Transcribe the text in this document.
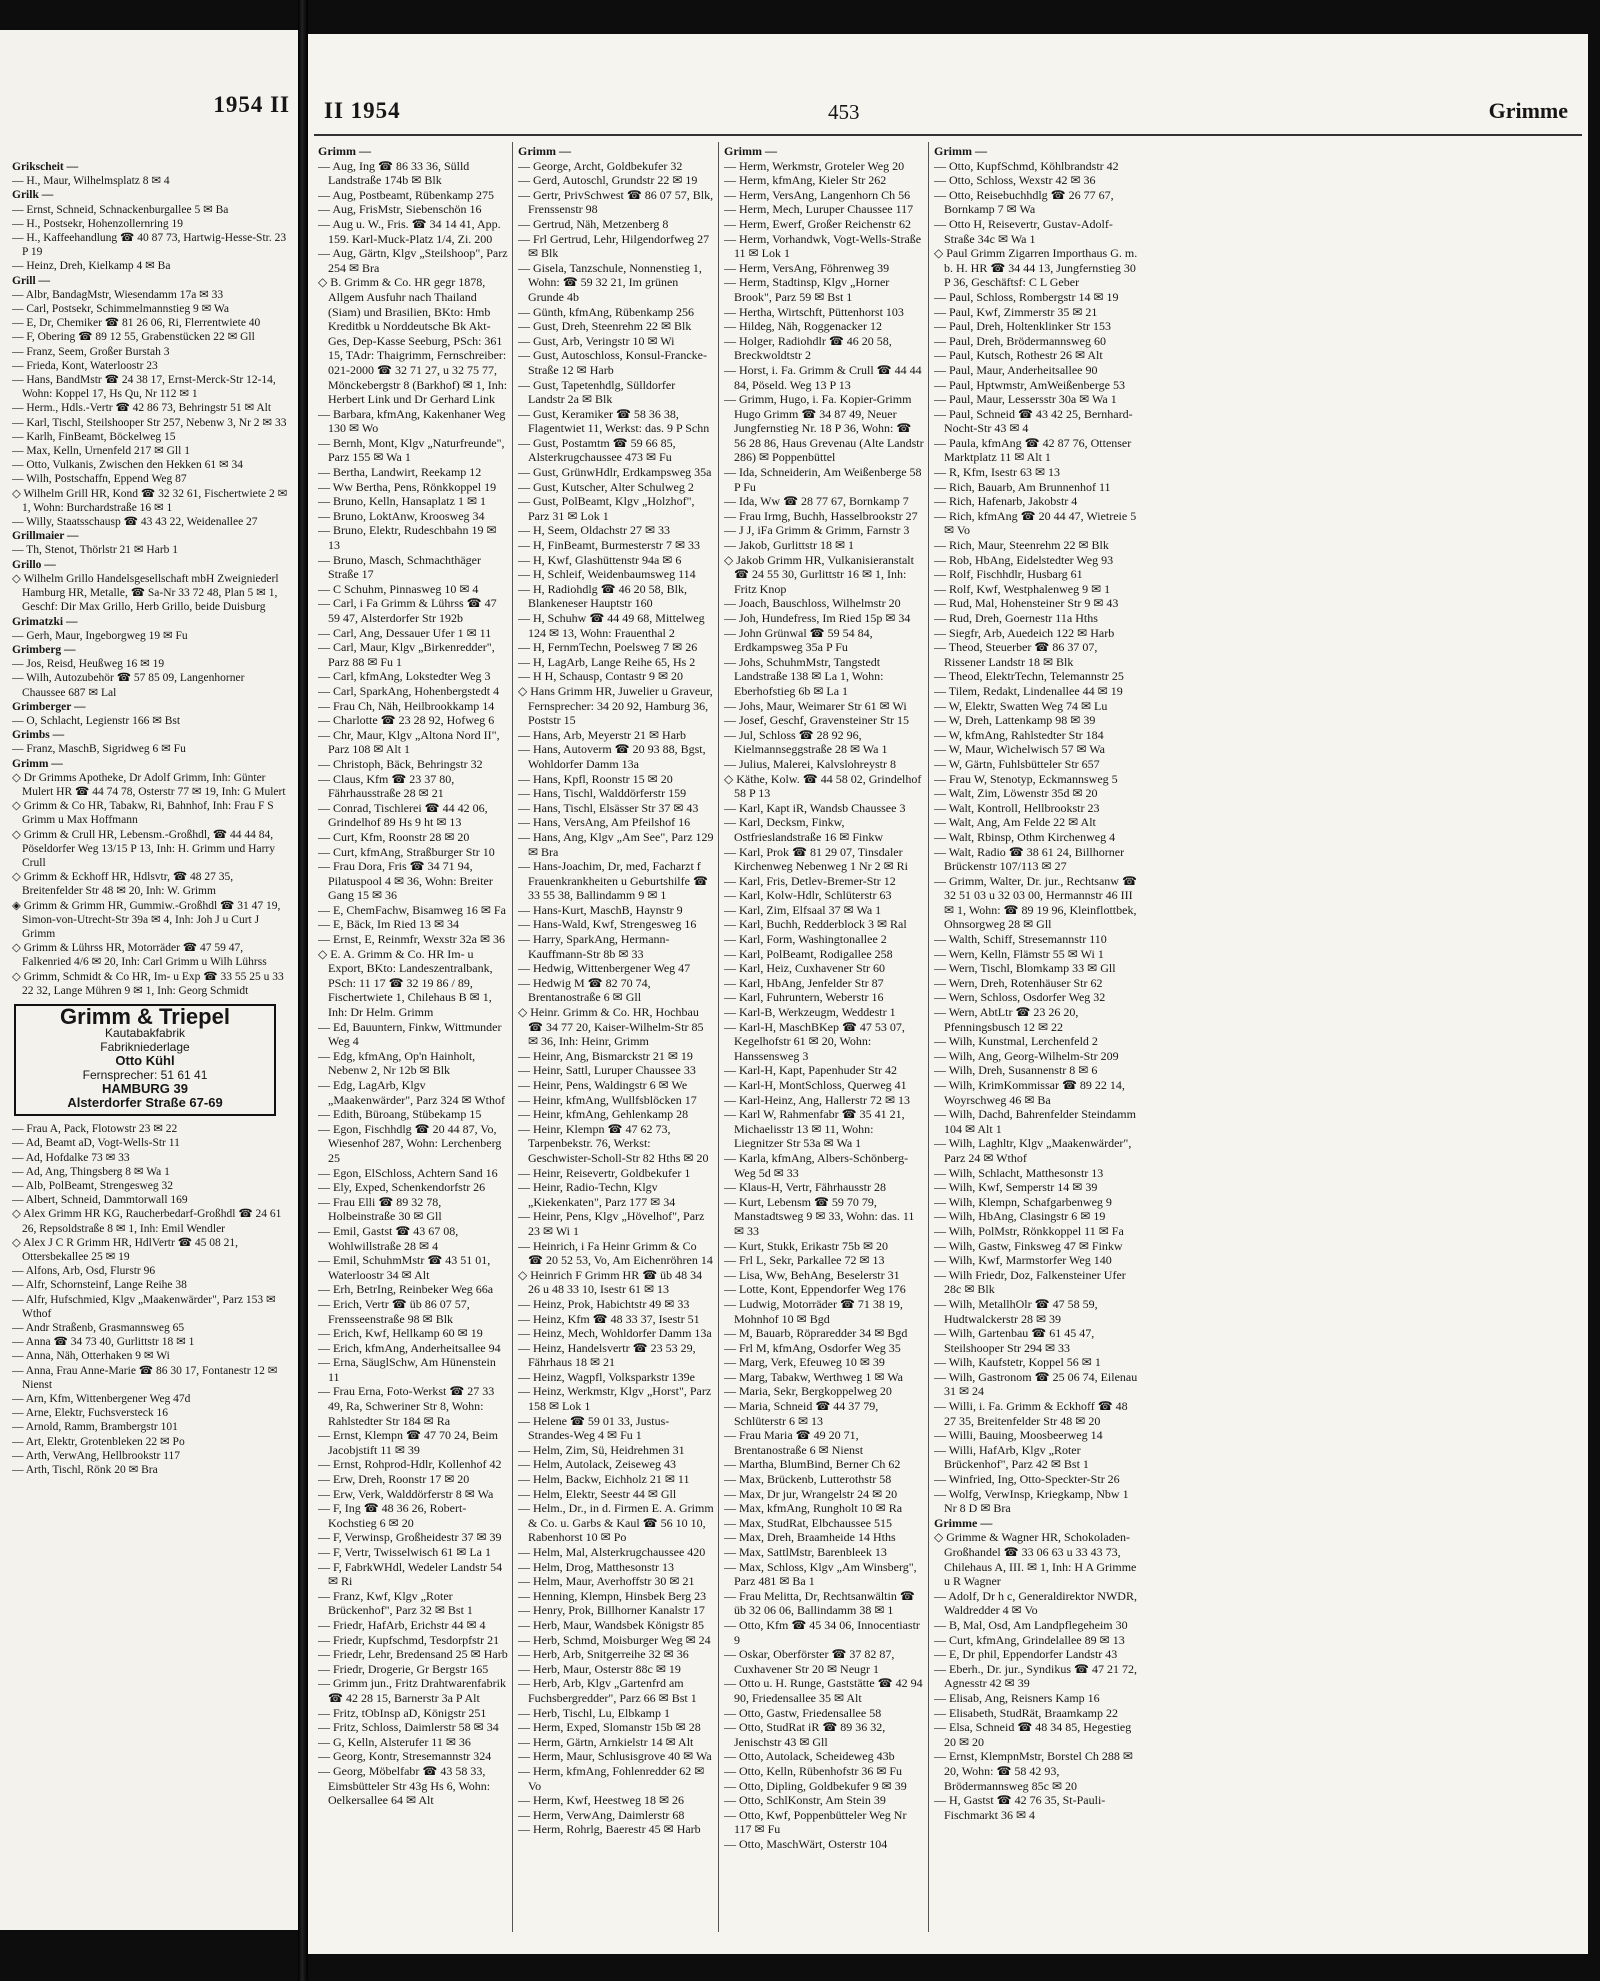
1954 II
Grikscheit —
— H., Maur, Wilhelmsplatz 8 ✉ 4
Grilk —
— Ernst, Schneid, Schnackenburgallee 5 ✉ Ba
— H., Postsekr, Hohenzollernring 19
— H., Kaffeehandlung ☎ 40 87 73, Hartwig-Hesse-Str. 23 P 19
— Heinz, Dreh, Kielkamp 4 ✉ Ba
Grill —
— Albr, BandagMstr, Wiesendamm 17a ✉ 33
— Carl, Postsekr, Schimmelmannstieg 9 ✉ Wa
— E, Dr, Chemiker ☎ 81 26 06, Ri, Flerrentwiete 40
— F, Obering ☎ 89 12 55, Grabenstücken 22 ✉ Gll
— Franz, Seem, Großer Burstah 3
— Frieda, Kont, Waterloostr 23
— Hans, BandMstr ☎ 24 38 17, Ernst-Merck-Str 12-14, Wohn: Koppel 17, Hs Qu, Nr 112 ✉ 1
— Herm., Hdls.-Vertr ☎ 42 86 73, Behringstr 51 ✉ Alt
— Karl, Tischl, Steilshooper Str 257, Nebenw 3, Nr 2 ✉ 33
— Karlh, FinBeamt, Böckelweg 15
— Max, Kelln, Urnenfeld 217 ✉ Gll 1
— Otto, Vulkanis, Zwischen den Hekken 61 ✉ 34
— Wilh, Postschaffn, Eppend Weg 87
◇ Wilhelm Grill HR, Kond ☎ 32 32 61, Fischertwiete 2 ✉ 1, Wohn: Burchardstraße 16 ✉ 1
— Willy, Staatsschausp ☎ 43 43 22, Weidenallee 27
Grillmaier —
— Th, Stenot, Thörlstr 21 ✉ Harb 1
Grillo —
◇ Wilhelm Grillo Handelsgesellschaft mbH Zweigniederl Hamburg HR, Metalle, ☎ Sa-Nr 33 72 48, Plan 5 ✉ 1, Geschf: Dir Max Grillo, Herb Grillo, beide Duisburg
Grimatzki —
— Gerh, Maur, Ingeborgweg 19 ✉ Fu
Grimberg —
— Jos, Reisd, Heußweg 16 ✉ 19
— Wilh, Autozubehör ☎ 57 85 09, Langenhorner Chaussee 687 ✉ Lal
Grimberger —
— O, Schlacht, Legienstr 166 ✉ Bst
Grimbs —
— Franz, MaschB, Sigridweg 6 ✉ Fu
Grimm —
◇ Dr Grimms Apotheke, Dr Adolf Grimm, Inh: Günter Mulert HR ☎ 44 74 78, Osterstr 77 ✉ 19, Inh: G Mulert
◇ Grimm & Co HR, Tabakw, Ri, Bahnhof, Inh: Frau F S Grimm u Max Hoffmann
◇ Grimm & Crull HR, Lebensm.-Großhdl, ☎ 44 44 84, Pöseldorfer Weg 13/15 P 13, Inh: H. Grimm und Harry Crull
◇ Grimm & Eckhoff HR, Hdlsvtr, ☎ 48 27 35, Breitenfelder Str 48 ✉ 20, Inh: W. Grimm
◈ Grimm & Grimm HR, Gummiw.-Großhdl ☎ 31 47 19, Simon-von-Utrecht-Str 39a ✉ 4, Inh: Joh J u Curt J Grimm
◇ Grimm & Lührss HR, Motorräder ☎ 47 59 47, Falkenried 4/6 ✉ 20, Inh: Carl Grimm u Wilh Lührss
◇ Grimm, Schmidt & Co HR, Im- u Exp ☎ 33 55 25 u 33 22 32, Lange Mühren 9 ✉ 1, Inh: Georg Schmidt
Grimm & Triepel
Kautabakfabrik
Fabrikniederlage
Otto Kühl
Fernsprecher: 51 61 41
HAMBURG 39
Alsterdorfer Straße 67-69
— Frau A, Pack, Flotowstr 23 ✉ 22
— Ad, Beamt aD, Vogt-Wells-Str 11
— Ad, Hofdalke 73 ✉ 33
— Ad, Ang, Thingsberg 8 ✉ Wa 1
— Alb, PolBeamt, Strengesweg 32
— Albert, Schneid, Dammtorwall 169
◇ Alex Grimm HR KG, Raucherbedarf-Großhdl ☎ 24 61 26, Repsoldstraße 8 ✉ 1, Inh: Emil Wendler
◇ Alex J C R Grimm HR, HdlVertr ☎ 45 08 21, Ottersbekallee 25 ✉ 19
— Alfons, Arb, Osd, Flurstr 96
— Alfr, Schornsteinf, Lange Reihe 38
— Alfr, Hufschmied, Klgv „Maakenwärder", Parz 153 ✉ Wthof
— Andr Straßenb, Grasmannsweg 65
— Anna ☎ 34 73 40, Gurlittstr 18 ✉ 1
— Anna, Näh, Otterhaken 9 ✉ Wi
— Anna, Frau Anne-Marie ☎ 86 30 17, Fontanestr 12 ✉ Nienst
— Arn, Kfm, Wittenbergener Weg 47d
— Arne, Elektr, Fuchsversteck 16
— Arnold, Ramm, Brambergstr 101
— Art, Elektr, Grotenbleken 22 ✉ Po
— Arth, VerwAng, Hellbrookstr 117
— Arth, Tischl, Rönk 20 ✉ Bra
II 1954	453	Grimme
Grimm —
— Aug, Ing ☎ 86 33 36, Sülld Landstraße 174b ✉ Blk
— Aug, Postbeamt, Rübenkamp 275
— Aug, FrisMstr, Siebenschön 16
— Aug u. W., Fris. ☎ 34 14 41, App. 159. Karl-Muck-Platz 1/4, Zi. 200
— Aug, Gärtn, Klgv „Steilshoop", Parz 254 ✉ Bra
◇ B. Grimm & Co. HR gegr 1878, Allgem Ausfuhr nach Thailand (Siam) und Brasilien, BKto: Hmb Kreditbk u Norddeutsche Bk Akt-Ges, Dep-Kasse Seeburg, PSch: 361 15, TAdr: Thaigrimm, Fernschreiber: 021-2000 ☎ 32 71 27, u 32 75 77, Mönckebergstr 8 (Barkhof) ✉ 1, Inh: Herbert Link und Dr Gerhard Link
— Barbara, kfmAng, Kakenhaner Weg 130 ✉ Wo
— Bernh, Mont, Klgv „Naturfreunde", Parz 155 ✉ Wa 1
— Bertha, Landwirt, Reekamp 12
— Ww Bertha, Pens, Rönkkoppel 19
— Bruno, Kelln, Hansaplatz 1 ✉ 1
— Bruno, LoktAnw, Kroosweg 34
— Bruno, Elektr, Rudeschbahn 19 ✉ 13
— Bruno, Masch, Schmachthäger Straße 17
— C Schuhm, Pinnasweg 10 ✉ 4
— Carl, i Fa Grimm & Lührss ☎ 47 59 47, Alsterdorfer Str 192b
— Carl, Ang, Dessauer Ufer 1 ✉ 11
— Carl, Maur, Klgv „Birkenredder", Parz 88 ✉ Fu 1
— Carl, kfmAng, Lokstedter Weg 3
— Carl, SparkAng, Hohenbergstedt 4
— Frau Ch, Näh, Heilbrookkamp 14
— Charlotte ☎ 23 28 92, Hofweg 6
— Chr, Maur, Klgv „Altona Nord II", Parz 108 ✉ Alt 1
— Christoph, Bäck, Behringstr 32
— Claus, Kfm ☎ 23 37 80, Fährhausstraße 28 ✉ 21
— Conrad, Tischlerei ☎ 44 42 06, Grindelhof 89 Hs 9 ht ✉ 13
— Curt, Kfm, Roonstr 28 ✉ 20
— Curt, kfmAng, Straßburger Str 10
— Frau Dora, Fris ☎ 34 71 94, Pilatuspool 4 ✉ 36, Wohn: Breiter Gang 15 ✉ 36
— E, ChemFachw, Bisamweg 16 ✉ Fa
— E, Bäck, Im Ried 13 ✉ 34
— Ernst, E, Reinmfr, Wexstr 32a ✉ 36
◇ E. A. Grimm & Co. HR Im- u Export, BKto: Landeszentralbank, PSch: 11 17 ☎ 32 19 86 / 89, Fischertwiete 1, Chilehaus B ✉ 1, Inh: Dr Helm. Grimm
— Ed, Bauuntern, Finkw, Wittmunder Weg 4
— Edg, kfmAng, Op'n Hainholt, Nebenw 2, Nr 12b ✉ Blk
— Edg, LagArb, Klgv „Maakenwärder", Parz 324 ✉ Wthof
— Edith, Büroang, Stübekamp 15
— Egon, Fischhdlg ☎ 20 44 87, Vo, Wiesenhof 287, Wohn: Lerchenberg 25
— Egon, ElSchloss, Achtern Sand 16
— Ely, Exped, Schenkendorfstr 26
— Frau Elli ☎ 89 32 78, Holbeinstraße 30 ✉ Gll
— Emil, Gastst ☎ 43 67 08, Wohlwillstraße 28 ✉ 4
— Emil, SchuhmMstr ☎ 43 51 01, Waterloostr 34 ✉ Alt
— Erh, BetrIng, Reinbeker Weg 66a
— Erich, Vertr ☎ üb 86 07 57, Frensseenstraße 98 ✉ Blk
— Erich, Kwf, Hellkamp 60 ✉ 19
— Erich, kfmAng, Anderheitsallee 94
— Erna, SäuglSchw, Am Hünenstein 11
— Frau Erna, Foto-Werkst ☎ 27 33 49, Ra, Schweriner Str 8, Wohn: Rahlstedter Str 184 ✉ Ra
— Ernst, Klempn ☎ 47 70 24, Beim Jacobjstift 11 ✉ 39
— Ernst, Rohprod-Hdlr, Kollenhof 42
— Erw, Dreh, Roonstr 17 ✉ 20
— Erw, Verk, Walddörferstr 8 ✉ Wa
— F, Ing ☎ 48 36 26, Robert-Kochstieg 6 ✉ 20
— F, Verwinsp, Großheidestr 37 ✉ 39
— F, Vertr, Twisselwisch 61 ✉ La 1
— F, FabrkWHdl, Wedeler Landstr 54 ✉ Ri
— Franz, Kwf, Klgv „Roter Brückenhof", Parz 32 ✉ Bst 1
— Friedr, HafArb, Erichstr 44 ✉ 4
— Friedr, Kupfschmd, Tesdorpfstr 21
— Friedr, Lehr, Bredensand 25 ✉ Harb
— Friedr, Drogerie, Gr Bergstr 165
— Grimm jun., Fritz Drahtwarenfabrik ☎ 42 28 15, Barnerstr 3a P Alt
— Fritz, tObInsp aD, Königstr 251
— Fritz, Schloss, Daimlerstr 58 ✉ 34
— G, Kelln, Alsterufer 11 ✉ 36
— Georg, Kontr, Stresemannstr 324
— Georg, Möbelfabr ☎ 43 58 33, Eimsbütteler Str 43g Hs 6, Wohn: Oelkersallee 64 ✉ Alt
Grimm —
— George, Archt, Goldbekufer 32
— Gerd, Autoschl, Grundstr 22 ✉ 19
— Gertr, PrivSchwest ☎ 86 07 57, Blk, Frenssenstr 98
— Gertrud, Näh, Metzenberg 8
— Frl Gertrud, Lehr, Hilgendorfweg 27 ✉ Blk
— Gisela, Tanzschule, Nonnenstieg 1, Wohn: ☎ 59 32 21, Im grünen Grunde 4b
— Günth, kfmAng, Rübenkamp 256
— Gust, Dreh, Steenrehm 22 ✉ Blk
— Gust, Arb, Veringstr 10 ✉ Wi
— Gust, Autoschloss, Konsul-Francke-Straße 12 ✉ Harb
— Gust, Tapetenhdlg, Sülldorfer Landstr 2a ✉ Blk
— Gust, Keramiker ☎ 58 36 38, Flagentwiet 11, Werkst: das. 9 P Schn
— Gust, Postamtm ☎ 59 66 85, Alsterkrugchaussee 473 ✉ Fu
— Gust, GrünwHdlr, Erdkampsweg 35a
— Gust, Kutscher, Alter Schulweg 2
— Gust, PolBeamt, Klgv „Holzhof", Parz 31 ✉ Lok 1
— H, Seem, Oldachstr 27 ✉ 33
— H, FinBeamt, Burmesterstr 7 ✉ 33
— H, Kwf, Glashüttenstr 94a ✉ 6
— H, Schleif, Weidenbaumsweg 114
— H, Radiohdlg ☎ 46 20 58, Blk, Blankeneser Hauptstr 160
— H, Schuhw ☎ 44 49 68, Mittelweg 124 ✉ 13, Wohn: Frauenthal 2
— H, FernmTechn, Poelsweg 7 ✉ 26
— H, LagArb, Lange Reihe 65, Hs 2
— H H, Schausp, Contastr 9 ✉ 20
◇ Hans Grimm HR, Juwelier u Graveur, Fernsprecher: 34 20 92, Hamburg 36, Poststr 15
— Hans, Arb, Meyerstr 21 ✉ Harb
— Hans, Autoverm ☎ 20 93 88, Bgst, Wohldorfer Damm 13a
— Hans, Kpfl, Roonstr 15 ✉ 20
— Hans, Tischl, Walddörferstr 159
— Hans, Tischl, Elsässer Str 37 ✉ 43
— Hans, VersAng, Am Pfeilshof 16
— Hans, Ang, Klgv „Am See", Parz 129 ✉ Bra
— Hans-Joachim, Dr, med, Facharzt f Frauenkrankheiten u Geburtshilfe ☎ 33 55 38, Ballindamm 9 ✉ 1
— Hans-Kurt, MaschB, Haynstr 9
— Hans-Wald, Kwf, Strengesweg 16
— Harry, SparkAng, Hermann-Kauffmann-Str 8b ✉ 33
— Hedwig, Wittenbergener Weg 47
— Hedwig M ☎ 82 70 74, Brentanostraße 6 ✉ Gll
◇ Heinr. Grimm & Co. HR, Hochbau ☎ 34 77 20, Kaiser-Wilhelm-Str 85 ✉ 36, Inh: Heinr, Grimm
— Heinr, Ang, Bismarckstr 21 ✉ 19
— Heinr, Sattl, Luruper Chaussee 33
— Heinr, Pens, Waldingstr 6 ✉ We
— Heinr, kfmAng, Wullfsblöcken 17
— Heinr, kfmAng, Gehlenkamp 28
— Heinr, Klempn ☎ 47 62 73, Tarpenbekstr. 76, Werkst: Geschwister-Scholl-Str 82 Hths ✉ 20
— Heinr, Reisevertr, Goldbekufer 1
— Heinr, Radio-Techn, Klgv „Kiekenkaten", Parz 177 ✉ 34
— Heinr, Pens, Klgv „Hövelhof", Parz 23 ✉ Wi 1
— Heinrich, i Fa Heinr Grimm & Co ☎ 20 52 53, Vo, Am Eichenröhren 14
◇ Heinrich F Grimm HR ☎ üb 48 34 26 u 48 33 10, Isestr 61 ✉ 13
— Heinz, Prok, Habichtstr 49 ✉ 33
— Heinz, Kfm ☎ 48 33 37, Isestr 51
— Heinz, Mech, Wohldorfer Damm 13a
— Heinz, Handelsvertr ☎ 23 53 29, Fährhaus 18 ✉ 21
— Heinz, Wagpfl, Volksparkstr 139e
— Heinz, Werkmstr, Klgv „Horst", Parz 158 ✉ Lok 1
— Helene ☎ 59 01 33, Justus-Strandes-Weg 4 ✉ Fu 1
— Helm, Zim, Sü, Heidrehmen 31
— Helm, Autolack, Zeiseweg 43
— Helm, Backw, Eichholz 21 ✉ 11
— Helm, Elektr, Seestr 44 ✉ Gll
— Helm., Dr., in d. Firmen E. A. Grimm & Co. u. Garbs & Kaul ☎ 56 10 10, Rabenhorst 10 ✉ Po
— Helm, Mal, Alsterkrugchaussee 420
— Helm, Drog, Matthesonstr 13
— Helm, Maur, Averhoffstr 30 ✉ 21
— Henning, Klempn, Hinsbek Berg 23
— Henry, Prok, Billhorner Kanalstr 17
— Herb, Maur, Wandsbek Königstr 85
— Herb, Schmd, Moisburger Weg ✉ 24
— Herb, Arb, Snitgerreihe 32 ✉ 36
— Herb, Maur, Osterstr 88c ✉ 19
— Herb, Arb, Klgv „Gartenfrd am Fuchsbergredder", Parz 66 ✉ Bst 1
— Herb, Tischl, Lu, Elbkamp 1
— Herm, Exped, Slomanstr 15b ✉ 28
— Herm, Gärtn, Arnkielstr 14 ✉ Alt
— Herm, Maur, Schlusisgrove 40 ✉ Wa
— Herm, kfmAng, Fohlenredder 62 ✉ Vo
— Herm, Kwf, Heestweg 18 ✉ 26
— Herm, VerwAng, Daimlerstr 68
— Herm, Rohrlg, Baerestr 45 ✉ Harb
Grimm —
— Herm, Werkmstr, Groteler Weg 20
— Herm, kfmAng, Kieler Str 262
— Herm, VersAng, Langenhorn Ch 56
— Herm, Mech, Luruper Chaussee 117
— Herm, Ewerf, Großer Reichenstr 62
— Herm, Vorhandwk, Vogt-Wells-Straße 11 ✉ Lok 1
— Herm, VersAng, Föhrenweg 39
— Herm, Stadtinsp, Klgv „Horner Brook", Parz 59 ✉ Bst 1
— Hertha, Wirtschft, Püttenhorst 103
— Hildeg, Näh, Roggenacker 12
— Holger, Radiohdlr ☎ 46 20 58, Breckwoldtstr 2
— Horst, i. Fa. Grimm & Crull ☎ 44 44 84, Pöseld. Weg 13 P 13
— Grimm, Hugo, i. Fa. Kopier-Grimm Hugo Grimm ☎ 34 87 49, Neuer Jungfernstieg Nr. 18 P 36, Wohn: ☎ 56 28 86, Haus Grevenau (Alte Landstr 286) ✉ Poppenbüttel
— Ida, Schneiderin, Am Weißenberge 58 P Fu
— Ida, Ww ☎ 28 77 67, Bornkamp 7
— Frau Irmg, Buchh, Hasselbrookstr 27
— J J, iFa Grimm & Grimm, Farnstr 3
— Jakob, Gurlittstr 18 ✉ 1
◇ Jakob Grimm HR, Vulkanisieranstalt ☎ 24 55 30, Gurlittstr 16 ✉ 1, Inh: Fritz Knop
— Joach, Bauschloss, Wilhelmstr 20
— Joh, Hundefress, Im Ried 15p ✉ 34
— John Grünwal ☎ 59 54 84, Erdkampsweg 35a P Fu
— Johs, SchuhmMstr, Tangstedt Landstraße 138 ✉ La 1, Wohn: Eberhofstieg 6b ✉ La 1
— Johs, Maur, Weimarer Str 61 ✉ Wi
— Josef, Geschf, Gravensteiner Str 15
— Jul, Schloss ☎ 28 92 96, Kielmannseggstraße 28 ✉ Wa 1
— Julius, Malerei, Kalvslohreystr 8
◇ Käthe, Kolw. ☎ 44 58 02, Grindelhof 58 P 13
— Karl, Kapt iR, Wandsb Chaussee 3
— Karl, Decksm, Finkw, Ostfrieslandstraße 16 ✉ Finkw
— Karl, Prok ☎ 81 29 07, Tinsdaler Kirchenweg Nebenweg 1 Nr 2 ✉ Ri
— Karl, Fris, Detlev-Bremer-Str 12
— Karl, Kolw-Hdlr, Schlüterstr 63
— Karl, Zim, Elfsaal 37 ✉ Wa 1
— Karl, Buchh, Redderblock 3 ✉ Ral
— Karl, Form, Washingtonallee 2
— Karl, PolBeamt, Rodigallee 258
— Karl, Heiz, Cuxhavener Str 60
— Karl, HbAng, Jenfelder Str 87
— Karl, Fuhruntern, Weberstr 16
— Karl-B, Werkzeugm, Weddestr 1
— Karl-H, MaschBKep ☎ 47 53 07, Kegelhofstr 61 ✉ 20, Wohn: Hanssensweg 3
— Karl-H, Kapt, Papenhuder Str 42
— Karl-H, MontSchloss, Querweg 41
— Karl-Heinz, Ang, Hallerstr 72 ✉ 13
— Karl W, Rahmenfabr ☎ 35 41 21, Michaelisstr 13 ✉ 11, Wohn: Liegnitzer Str 53a ✉ Wa 1
— Karla, kfmAng, Albers-Schönberg-Weg 5d ✉ 33
— Klaus-H, Vertr, Fährhausstr 28
— Kurt, Lebensm ☎ 59 70 79, Manstadtsweg 9 ✉ 33, Wohn: das. 11 ✉ 33
— Kurt, Stukk, Erikastr 75b ✉ 20
— Frl L, Sekr, Parkallee 72 ✉ 13
— Lisa, Ww, BehAng, Beselerstr 31
— Lotte, Kont, Eppendorfer Weg 176
— Ludwig, Motorräder ☎ 71 38 19, Mohnhof 10 ✉ Bgd
— M, Bauarb, Röpraredder 34 ✉ Bgd
— Frl M, kfmAng, Osdorfer Weg 35
— Marg, Verk, Efeuweg 10 ✉ 39
— Marg, Tabakw, Werthweg 1 ✉ Wa
— Maria, Sekr, Bergkoppelweg 20
— Maria, Schneid ☎ 44 37 79, Schlüterstr 6 ✉ 13
— Frau Maria ☎ 49 20 71, Brentanostraße 6 ✉ Nienst
— Martha, BlumBind, Berner Ch 62
— Max, Brückenb, Lutterothstr 58
— Max, Dr jur, Wrangelstr 24 ✉ 20
— Max, kfmAng, Rungholt 10 ✉ Ra
— Max, StudRat, Elbchaussee 515
— Max, Dreh, Braamheide 14 Hths
— Max, SattlMstr, Barenbleek 13
— Max, Schloss, Klgv „Am Winsberg", Parz 481 ✉ Ba 1
— Frau Melitta, Dr, Rechtsanwältin ☎ üb 32 06 06, Ballindamm 38 ✉ 1
— Otto, Kfm ☎ 45 34 06, Innocentiastr 9
— Oskar, Oberförster ☎ 37 82 87, Cuxhavener Str 20 ✉ Neugr 1
— Otto u. H. Runge, Gaststätte ☎ 42 94 90, Friedensallee 35 ✉ Alt
— Otto, Gastw, Friedensallee 58
— Otto, StudRat iR ☎ 89 36 32, Jenischstr 43 ✉ Gll
— Otto, Autolack, Scheideweg 43b
— Otto, Kelln, Rübenhofstr 36 ✉ Fu
— Otto, Dipling, Goldbekufer 9 ✉ 39
— Otto, SchlKonstr, Am Stein 39
— Otto, Kwf, Poppenbütteler Weg Nr 117 ✉ Fu
— Otto, MaschWärt, Osterstr 104
Grimm —
— Otto, KupfSchmd, Köhlbrandstr 42
— Otto, Schloss, Wexstr 42 ✉ 36
— Otto, Reisebuchhdlg ☎ 26 77 67, Bornkamp 7 ✉ Wa
— Otto H, Reisevertr, Gustav-Adolf-Straße 34c ✉ Wa 1
◇ Paul Grimm Zigarren Importhaus G. m. b. H. HR ☎ 34 44 13, Jungfernstieg 30 P 36, Geschäftsf: C L Geber
— Paul, Schloss, Rombergstr 14 ✉ 19
— Paul, Kwf, Zimmerstr 35 ✉ 21
— Paul, Dreh, Holtenklinker Str 153
— Paul, Dreh, Brödermannsweg 60
— Paul, Kutsch, Rothestr 26 ✉ Alt
— Paul, Maur, Anderheitsallee 90
— Paul, Hptwmstr, AmWeißenberge 53
— Paul, Maur, Lessersstr 30a ✉ Wa 1
— Paul, Schneid ☎ 43 42 25, Bernhard-Nocht-Str 43 ✉ 4
— Paula, kfmAng ☎ 42 87 76, Ottenser Marktplatz 11 ✉ Alt 1
— R, Kfm, Isestr 63 ✉ 13
— Rich, Bauarb, Am Brunnenhof 11
— Rich, Hafenarb, Jakobstr 4
— Rich, kfmAng ☎ 20 44 47, Wietreie 5 ✉ Vo
— Rich, Maur, Steenrehm 22 ✉ Blk
— Rob, HbAng, Eidelstedter Weg 93
— Rolf, Fischhdlr, Husbarg 61
— Rolf, Kwf, Westphalenweg 9 ✉ 1
— Rud, Mal, Hohensteiner Str 9 ✉ 43
— Rud, Dreh, Goernestr 11a Hths
— Siegfr, Arb, Auedeich 122 ✉ Harb
— Theod, Steuerber ☎ 86 37 07, Rissener Landstr 18 ✉ Blk
— Theod, ElektrTechn, Telemannstr 25
— Tilem, Redakt, Lindenallee 44 ✉ 19
— W, Elektr, Swatten Weg 74 ✉ Lu
— W, Dreh, Lattenkamp 98 ✉ 39
— W, kfmAng, Rahlstedter Str 184
— W, Maur, Wichelwisch 57 ✉ Wa
— W, Gärtn, Fuhlsbütteler Str 657
— Frau W, Stenotyp, Eckmannsweg 5
— Walt, Zim, Löwenstr 35d ✉ 20
— Walt, Kontroll, Hellbrookstr 23
— Walt, Ang, Am Felde 22 ✉ Alt
— Walt, Rbinsp, Othm Kirchenweg 4
— Walt, Radio ☎ 38 61 24, Billhorner Brückenstr 107/113 ✉ 27
— Grimm, Walter, Dr. jur., Rechtsanw ☎ 32 51 03 u 32 03 00, Hermannstr 46 III ✉ 1, Wohn: ☎ 89 19 96, Kleinflottbek, Ohnsorgweg 28 ✉ Gll
— Walth, Schiff, Stresemannstr 110
— Wern, Kelln, Flämstr 55 ✉ Wi 1
— Wern, Tischl, Blomkamp 33 ✉ Gll
— Wern, Dreh, Rotenhäuser Str 62
— Wern, Schloss, Osdorfer Weg 32
— Wern, AbtLtr ☎ 23 26 20, Pfenningsbusch 12 ✉ 22
— Wilh, Kunstmal, Lerchenfeld 2
— Wilh, Ang, Georg-Wilhelm-Str 209
— Wilh, Dreh, Susannenstr 8 ✉ 6
— Wilh, KrimKommissar ☎ 89 22 14, Woyrschweg 46 ✉ Ba
— Wilh, Dachd, Bahrenfelder Steindamm 104 ✉ Alt 1
— Wilh, Laghltr, Klgv „Maakenwärder", Parz 24 ✉ Wthof
— Wilh, Schlacht, Matthesonstr 13
— Wilh, Kwf, Semperstr 14 ✉ 39
— Wilh, Klempn, Schafgarbenweg 9
— Wilh, HbAng, Clasingstr 6 ✉ 19
— Wilh, PolMstr, Rönkkoppel 11 ✉ Fa
— Wilh, Gastw, Finksweg 47 ✉ Finkw
— Wilh, Kwf, Marmstorfer Weg 140
— Wilh Friedr, Doz, Falkensteiner Ufer 28c ✉ Blk
— Wilh, MetallhOlr ☎ 47 58 59, Hudtwalckerstr 28 ✉ 39
— Wilh, Gartenbau ☎ 61 45 47, Steilshooper Str 294 ✉ 33
— Wilh, Kaufstetr, Koppel 56 ✉ 1
— Wilh, Gastronom ☎ 25 06 74, Eilenau 31 ✉ 24
— Willi, i. Fa. Grimm & Eckhoff ☎ 48 27 35, Breitenfelder Str 48 ✉ 20
— Willi, Bauing, Moosbeerweg 14
— Willi, HafArb, Klgv „Roter Brückenhof", Parz 42 ✉ Bst 1
— Winfried, Ing, Otto-Speckter-Str 26
— Wolfg, VerwInsp, Kriegkamp, Nbw 1 Nr 8 D ✉ Bra
Grimme —
◇ Grimme & Wagner HR, Schokoladen-Großhandel ☎ 33 06 63 u 33 43 73, Chilehaus A, III. ✉ 1, Inh: H A Grimme u R Wagner
— Adolf, Dr h c, Generaldirektor NWDR, Waldredder 4 ✉ Vo
— B, Mal, Osd, Am Landpflegeheim 30
— Curt, kfmAng, Grindelallee 89 ✉ 13
— E, Dr phil, Eppendorfer Landstr 43
— Eberh., Dr. jur., Syndikus ☎ 47 21 72, Agnesstr 42 ✉ 39
— Elisab, Ang, Reisners Kamp 16
— Elisabeth, StudRät, Braamkamp 22
— Elsa, Schneid ☎ 48 34 85, Hegestieg 20 ✉ 20
— Ernst, KlempnMstr, Borstel Ch 288 ✉ 20, Wohn: ☎ 58 42 93, Brödermannsweg 85c ✉ 20
— H, Gastst ☎ 42 76 35, St-Pauli-Fischmarkt 36 ✉ 4
